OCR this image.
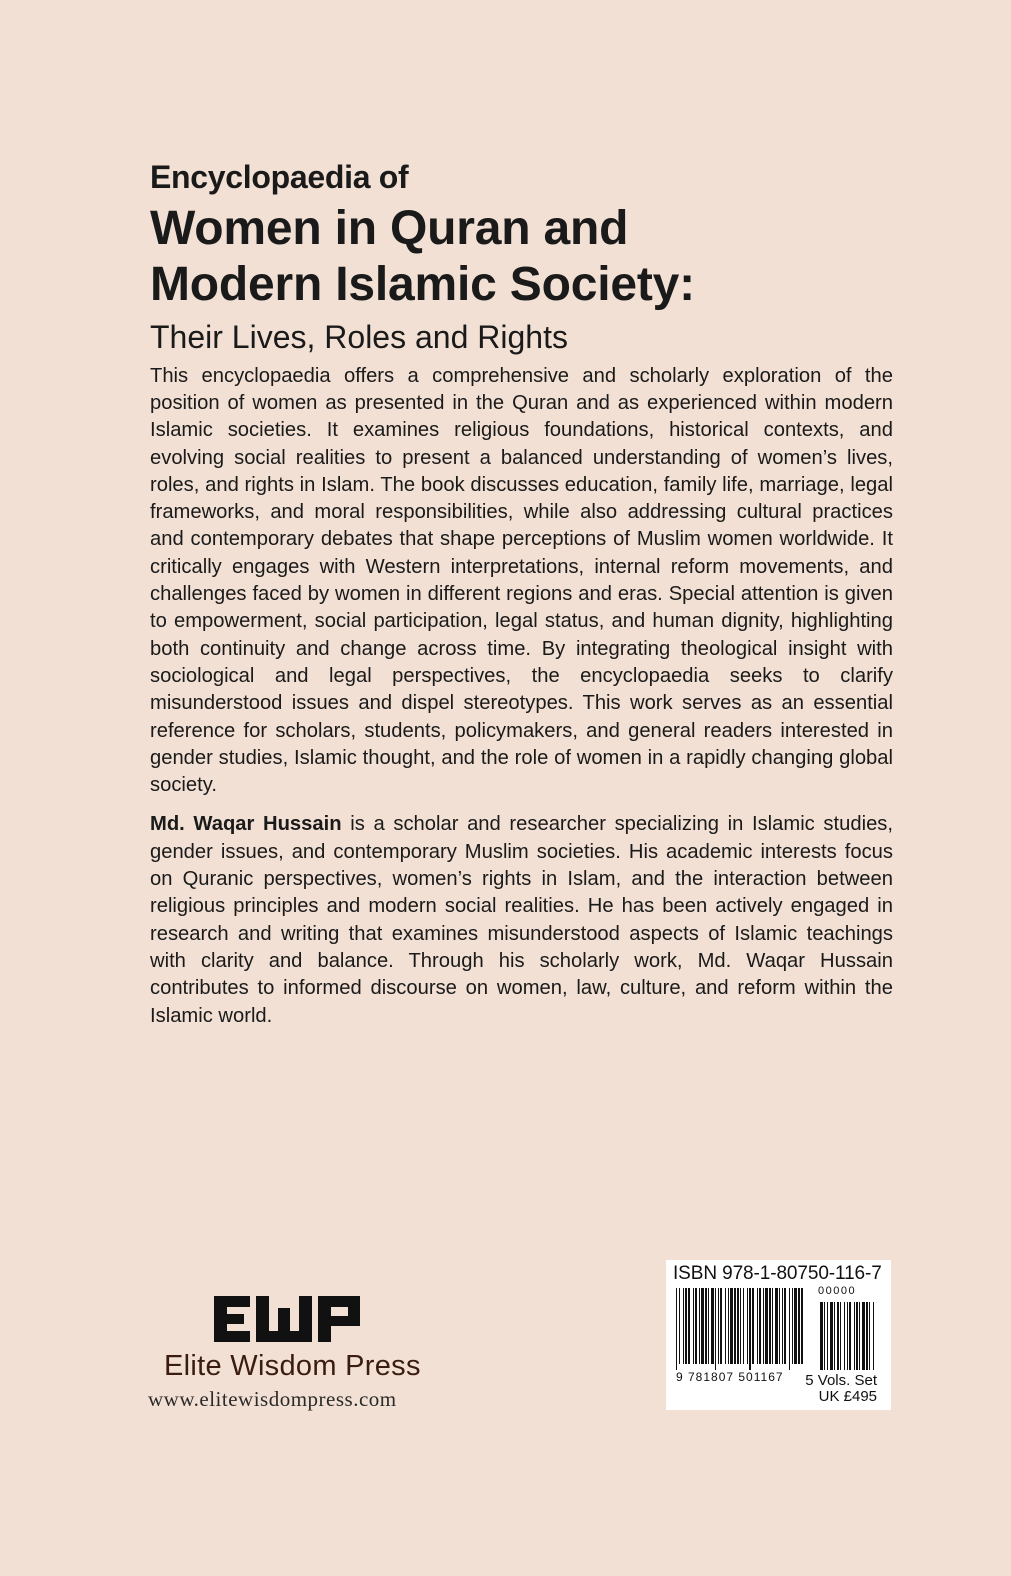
Encyclopaedia of
Women in Quran and
Modern Islamic Society:
Their Lives, Roles and Rights

This encyclopaedia offers a comprehensive and scholarly exploration of the position of women as presented in the Quran and as experienced within modern Islamic societies. It examines religious foundations, historical contexts, and evolving social realities to present a balanced understanding of women’s lives, roles, and rights in Islam. The book discusses education, family life, marriage, legal frameworks, and moral responsibilities, while also addressing cultural practices and contemporary debates that shape perceptions of Muslim women worldwide. It critically engages with Western interpretations, internal reform movements, and challenges faced by women in different regions and eras. Special attention is given to empowerment, social participation, legal status, and human dignity, highlighting both continuity and change across time. By integrating theological insight with sociological and legal perspectives, the encyclopaedia seeks to clarify misunderstood issues and dispel stereotypes. This work serves as an essential reference for scholars, students, policymakers, and general readers interested in gender studies, Islamic thought, and the role of women in a rapidly changing global society.

Md. Waqar Hussain is a scholar and researcher specializing in Islamic studies, gender issues, and contemporary Muslim societies. His academic interests focus on Quranic perspectives, women’s rights in Islam, and the interaction between religious principles and modern social realities. He has been actively engaged in research and writing that examines misunderstood aspects of Islamic teachings with clarity and balance. Through his scholarly work, Md. Waqar Hussain contributes to informed discourse on women, law, culture, and reform within the Islamic world.

Elite Wisdom Press
www.elitewisdompress.com
ISBN 978-1-80750-116-7
00000
9 781807 501167 5 Vols. Set
UK £495
